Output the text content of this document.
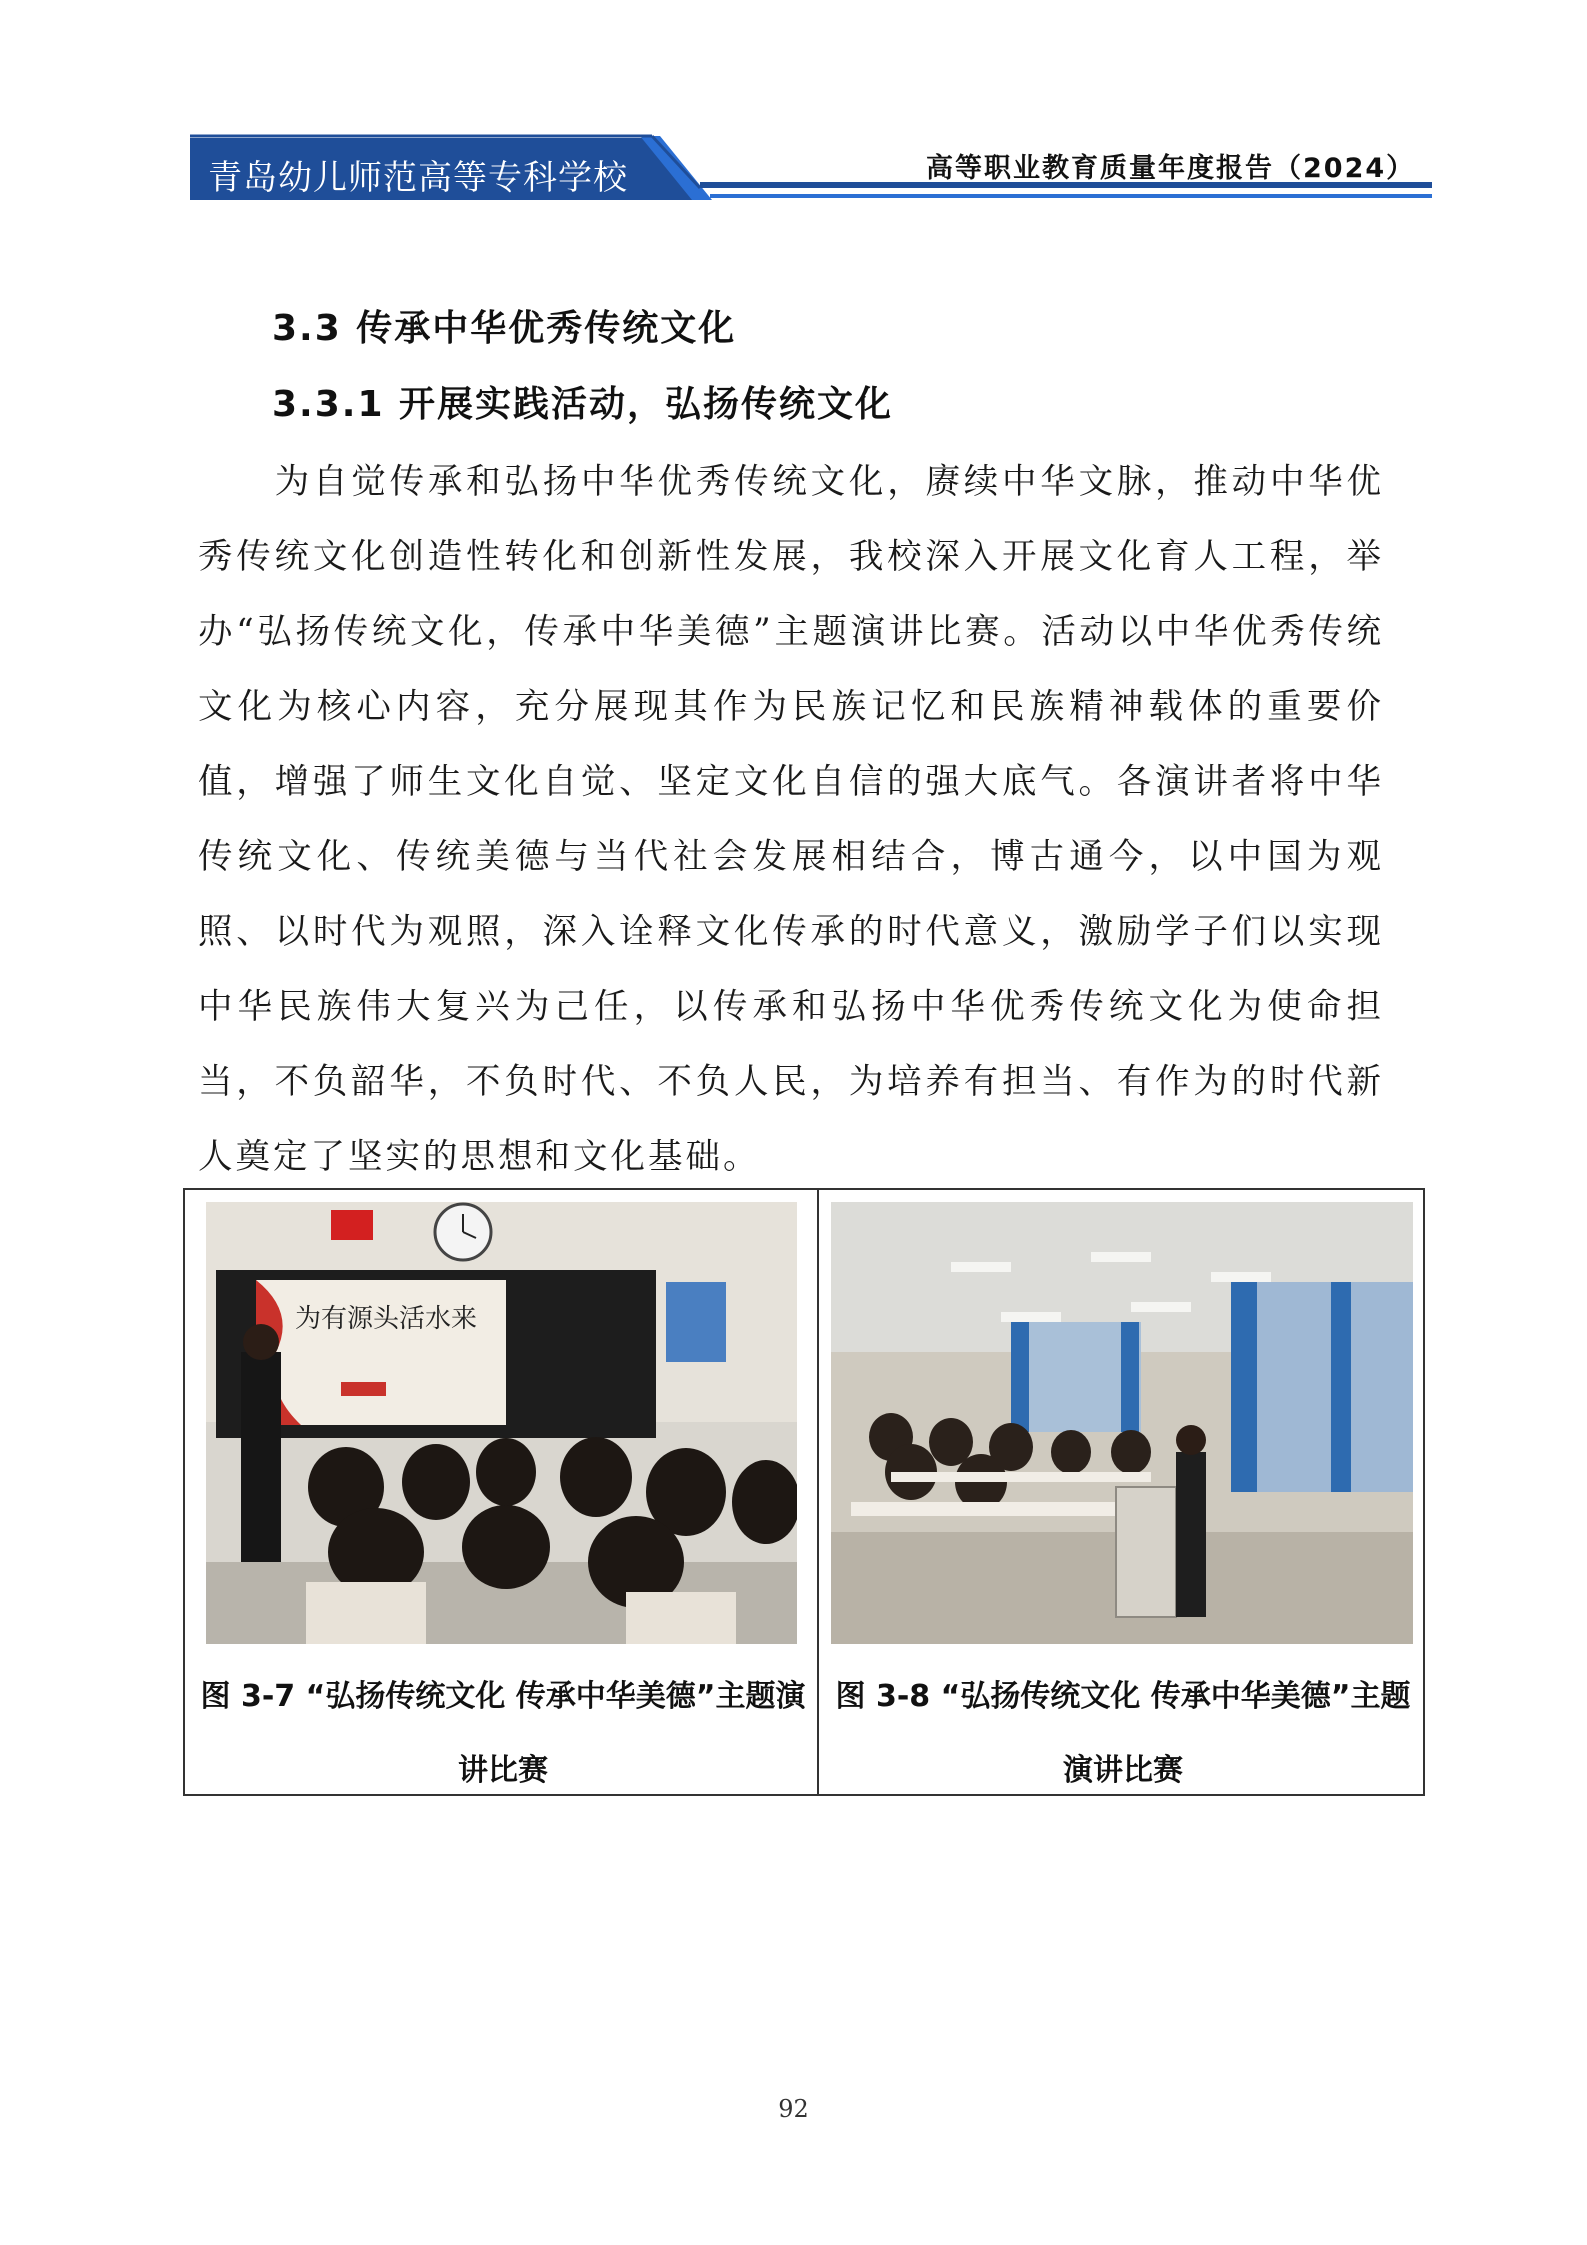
青岛幼儿师范高等专科学校	高等职业教育质量年度报告（2024）
3.3 传承中华优秀传统文化
3.3.1 开展实践活动，弘扬传统文化

为自觉传承和弘扬中华优秀传统文化，赓续中华文脉，推动中华优秀传统文化创造性转化和创新性发展，我校深入开展文化育人工程，举办“弘扬传统文化，传承中华美德”主题演讲比赛。活动以中华优秀传统文化为核心内容，充分展现其作为民族记忆和民族精神载体的重要价值，增强了师生文化自觉、坚定文化自信的强大底气。各演讲者将中华传统文化、传统美德与当代社会发展相结合，博古通今，以中国为观照、以时代为观照，深入诠释文化传承的时代意义，激励学子们以实现中华民族伟大复兴为己任，以传承和弘扬中华优秀传统文化为使命担当，不负韶华，不负时代、不负人民，为培养有担当、有作为的时代新人奠定了坚实的思想和文化基础。

为有源头活水来
图 3-7 “弘扬传统文化 传承中华美德”主题演讲比赛
图 3-8 “弘扬传统文化 传承中华美德”主题演讲比赛
92
